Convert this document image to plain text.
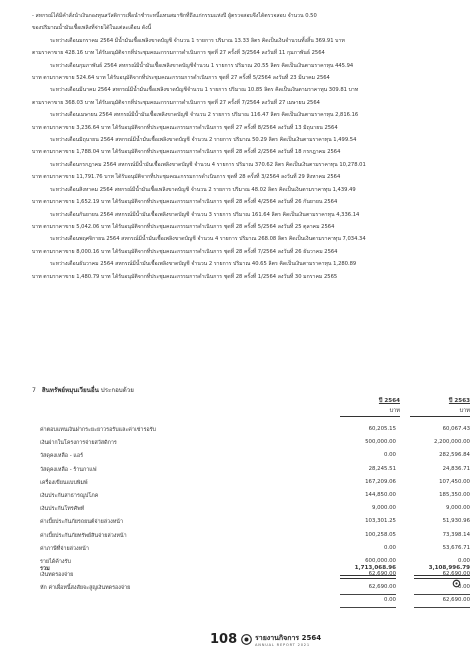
- สหกรณ์ได้มีคำสั่งนำเงินกองทุนสวัสดิการเพื่อนำชำระหนี้แทนสมาชิกที่ถึงแก่กรรมแห่งปี ผู้ตรวจสอบจึงได้ตรวจสอบ จำนวน 0.50

ของปริมาณน้ำมันเชื้อเพลิงที่จ่ายได้ในแต่ละเดือน ดังนี้

ระหว่างเดือนมกราคม 2564 มีน้ำมันเชื้อเพลิงขาดบัญชี จำนวน 1 รายการ ปริมาณ 13.33 ลิตร คิดเป็นเงินจำนวนทั้งสิ้น 369.91 บาท

ตามราคาขาย 428.16 บาท ได้รับอนุมัติจากที่ประชุมคณะกรรมการดำเนินการ ชุดที่ 27 ครั้งที่ 3/2564 ลงวันที่ 11 กุมภาพันธ์ 2564

ระหว่างเดือนกุมภาพันธ์ 2564 สหกรณ์มีน้ำมันเชื้อเพลิงขาดบัญชีจำนวน 1 รายการ ปริมาณ 20.55 ลิตร คิดเป็นเงินตามราคาทุน 445.94

บาท ตามราคาขาย 524.64 บาท ได้รับอนุมัติจากที่ประชุมคณะกรรมการดำเนินการ ชุดที่ 27 ครั้งที่ 5/2564 ลงวันที่ 23 มีนาคม 2564

ระหว่างเดือนมีนาคม 2564 สหกรณ์มีน้ำมันเชื้อเพลิงขาดบัญชีจำนวน 1 รายการ ปริมาณ 10.85 ลิตร คิดเป็นเงินตามราคาทุน 309.81 บาท

ตามราคาขาย 368.03 บาท ได้รับอนุมัติจากที่ประชุมคณะกรรมการดำเนินการ ชุดที่ 27 ครั้งที่ 7/2564 ลงวันที่ 27 เมษายน 2564

ระหว่างเดือนเมษายน 2564 สหกรณ์มีน้ำมันเชื้อเพลิงขาดบัญชี จำนวน 2 รายการ ปริมาณ 116.47 ลิตร คิดเป็นเงินตามราคาทุน 2,816.16

บาท ตามราคาขาย 3,236.64 บาท ได้รับอนุมัติจากที่ประชุมคณะกรรมการดำเนินการ ชุดที่ 27 ครั้งที่ 8/2564 ลงวันที่ 13 มิถุนายน 2564

ระหว่างเดือนมิถุนายน 2564 สหกรณ์มีน้ำมันเชื้อเพลิงขาดบัญชี จำนวน 2 รายการ ปริมาณ 50.29 ลิตร คิดเป็นเงินตามราคาทุน 1,499.54

บาท ตามราคาขาย 1,788.04 บาท ได้รับอนุมัติจากที่ประชุมคณะกรรมการดำเนินการ ชุดที่ 28 ครั้งที่ 2/2564 ลงวันที่ 18 กรกฎาคม 2564

ระหว่างเดือนกรกฎาคม 2564 สหกรณ์มีน้ำมันเชื้อเพลิงขาดบัญชี จำนวน 4 รายการ ปริมาณ 370.62 ลิตร คิดเป็นเงินตามราคาทุน 10,278.01

บาท ตามราคาขาย 11,791.76 บาท ได้รับอนุมัติจากที่ประชุมคณะกรรมการดำเนินการ ชุดที่ 28 ครั้งที่ 3/2564 ลงวันที่ 29 สิงหาคม 2564

ระหว่างเดือนสิงหาคม 2564 สหกรณ์มีน้ำมันเชื้อเพลิงขาดบัญชี จำนวน 2 รายการ ปริมาณ 48.02 ลิตร คิดเป็นเงินตามราคาทุน 1,439.49

บาท ตามราคาขาย 1,652.19 บาท ได้รับอนุมัติจากที่ประชุมคณะกรรมการดำเนินการ ชุดที่ 28 ครั้งที่ 4/2564 ลงวันที่ 26 กันยายน 2564

ระหว่างเดือนกันยายน 2564 สหกรณ์มีน้ำมันเชื้อเพลิงขาดบัญชี จำนวน 3 รายการ ปริมาณ 161.64 ลิตร คิดเป็นเงินตามราคาทุน 4,336.14

บาท ตามราคาขาย 5,042.06 บาท ได้รับอนุมัติจากที่ประชุมคณะกรรมการดำเนินการ ชุดที่ 28 ครั้งที่ 5/2564 ลงวันที่ 25 ตุลาคม 2564

ระหว่างเดือนพฤศจิกายน 2564 สหกรณ์มีน้ำมันเชื้อเพลิงขาดบัญชี จำนวน 4 รายการ ปริมาณ 268.08 ลิตร คิดเป็นเงินตามราคาทุน 7,034.34

บาท ตามราคาขาย 8,000.16 บาท ได้รับอนุมัติจากที่ประชุมคณะกรรมการดำเนินการ ชุดที่ 28 ครั้งที่ 7/2564 ลงวันที่ 26 ธันวาคม 2564

ระหว่างเดือนธันวาคม 2564 สหกรณ์มีน้ำมันเชื้อเพลิงขาดบัญชี จำนวน 2 รายการ ปริมาณ 40.65 ลิตร คิดเป็นเงินตามราคาทุน 1,280.89

บาท ตามราคาขาย 1,480.79 บาท ได้รับอนุมัติจากที่ประชุมคณะกรรมการดำเนินการ ชุดที่ 28 ครั้งที่ 1/2564 ลงวันที่ 30 มกราคม 2565

7 สินทรัพย์หมุนเวียนอื่น ประกอบด้วย
ปี 2564
บาท
ปี 2563
บาท
ค่าตอบแทนเงินฝากระยะยาวรอรับและค่าเช่ารอรับ	60,205.15	60,067.43
เงินฝากในโครงการจ่ายสวัสดิการ	500,000.00	2,200,000.00
วัสดุคงเหลือ - แอร์	0.00	282,596.84
วัสดุคงเหลือ - ร้านกาแฟ	28,245.51	24,836.71
เครื่องเขียนแบบพิมพ์	167,209.06	107,450.00
เงินประกันสาธารณูปโภค	144,850.00	185,350.00
เงินประกันโทรศัพท์	9,000.00	9,000.00
ค่าเบี้ยประกันภัยรถยนต์จ่ายล่วงหน้า	103,301.25	51,930.96
ค่าเบี้ยประกันภัยทรัพย์สินจ่ายล่วงหน้า	100,258.05	73,398.14
ค่าภาษีที่จ่ายล่วงหน้า	0.00	53,676.71
รายได้ค้างรับ	600,000.00	0.00
เงินทดรองจ่าย	62,690.00	62,690.00
หัก ค่าเผื่อหนี้สงสัยจะสูญเงินทดรองจ่าย	62,690.00	0.00
0.00	62,690.00
รวม	1,713,068.96	3,108,996.79
108	รายงานกิจการ 2564
ANNUAL REPORT 2021
